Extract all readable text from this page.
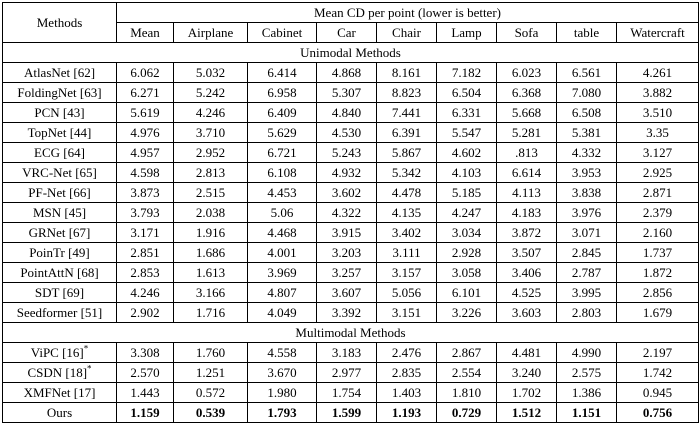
Methods	Mean CD per point (lower is better)								
	Mean	Airplane	Cabinet	Car	Chair	Lamp	Sofa	table	Watercraft
Unimodal Methods									
AtlasNet [62]	6.062	5.032	6.414	4.868	8.161	7.182	6.023	6.561	4.261
FoldingNet [63]	6.271	5.242	6.958	5.307	8.823	6.504	6.368	7.080	3.882
PCN [43]	5.619	4.246	6.409	4.840	7.441	6.331	5.668	6.508	3.510
TopNet [44]	4.976	3.710	5.629	4.530	6.391	5.547	5.281	5.381	3.35
ECG [64]	4.957	2.952	6.721	5.243	5.867	4.602	.813	4.332	3.127
VRC-Net [65]	4.598	2.813	6.108	4.932	5.342	4.103	6.614	3.953	2.925
PF-Net [66]	3.873	2.515	4.453	3.602	4.478	5.185	4.113	3.838	2.871
MSN [45]	3.793	2.038	5.06	4.322	4.135	4.247	4.183	3.976	2.379
GRNet [67]	3.171	1.916	4.468	3.915	3.402	3.034	3.872	3.071	2.160
PoinTr [49]	2.851	1.686	4.001	3.203	3.111	2.928	3.507	2.845	1.737
PointAttN [68]	2.853	1.613	3.969	3.257	3.157	3.058	3.406	2.787	1.872
SDT [69]	4.246	3.166	4.807	3.607	5.056	6.101	4.525	3.995	2.856
Seedformer [51]	2.902	1.716	4.049	3.392	3.151	3.226	3.603	2.803	1.679
Multimodal Methods									
ViPC [16]*	3.308	1.760	4.558	3.183	2.476	2.867	4.481	4.990	2.197
CSDN [18]*	2.570	1.251	3.670	2.977	2.835	2.554	3.240	2.575	1.742
XMFNet [17]	1.443	0.572	1.980	1.754	1.403	1.810	1.702	1.386	0.945
Ours	1.159	0.539	1.793	1.599	1.193	0.729	1.512	1.151	0.756
